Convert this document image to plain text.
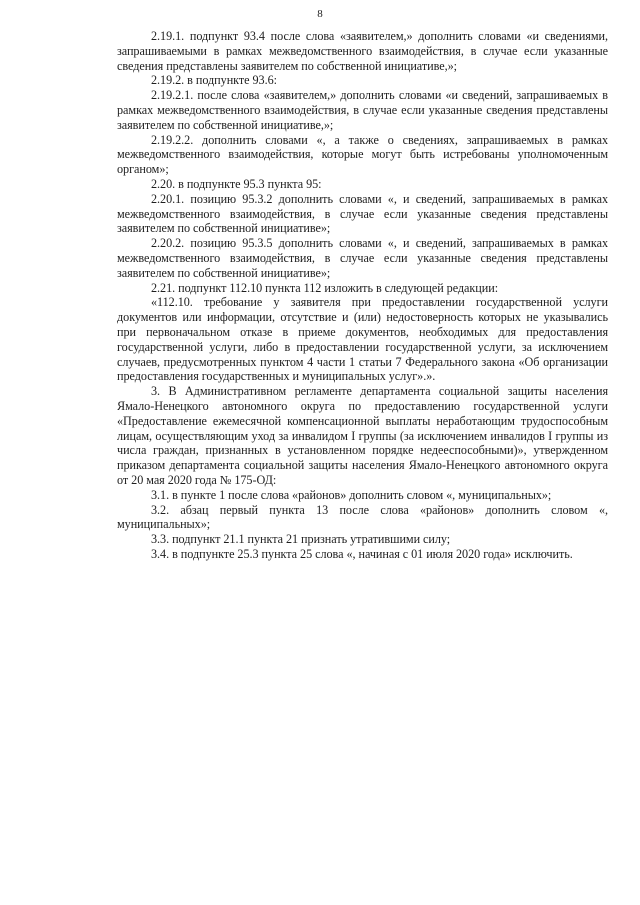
8

2.19.1. подпункт 93.4 после слова «заявителем,» дополнить словами «и сведениями, запрашиваемыми в рамках межведомственного взаимодействия, в случае если указанные сведения представлены заявителем по собственной инициативе,»;

2.19.2. в подпункте 93.6:

2.19.2.1. после слова «заявителем,» дополнить словами «и сведений, запрашиваемых в рамках межведомственного взаимодействия, в случае если указанные сведения представлены заявителем по собственной инициативе,»;

2.19.2.2. дополнить словами «, а также о сведениях, запрашиваемых в рамках межведомственного взаимодействия, которые могут быть истребованы уполномоченным органом»;

2.20. в подпункте 95.3 пункта 95:

2.20.1. позицию 95.3.2 дополнить словами «, и сведений, запрашиваемых в рамках межведомственного взаимодействия, в случае если указанные сведения представлены заявителем по собственной инициативе»;

2.20.2. позицию 95.3.5 дополнить словами «, и сведений, запрашиваемых в рамках межведомственного взаимодействия, в случае если указанные сведения представлены заявителем по собственной инициативе»;

2.21. подпункт 112.10 пункта 112 изложить в следующей редакции:

«112.10. требование у заявителя при предоставлении государственной услуги документов или информации, отсутствие и (или) недостоверность которых не указывались при первоначальном отказе в приеме документов, необходимых для предоставления государственной услуги, либо в предоставлении государственной услуги, за исключением случаев, предусмотренных пунктом 4 части 1 статьи 7 Федерального закона «Об организации предоставления государственных и муниципальных услуг».».

3. В Административном регламенте департамента социальной защиты населения Ямало-Ненецкого автономного округа по предоставлению государственной услуги «Предоставление ежемесячной компенсационной выплаты неработающим трудоспособным лицам, осуществляющим уход за инвалидом I группы (за исключением инвалидов I группы из числа граждан, признанных в установленном порядке недееспособными)», утвержденном приказом департамента социальной защиты населения Ямало-Ненецкого автономного округа от 20 мая 2020 года № 175-ОД:

3.1. в пункте 1 после слова «районов» дополнить словом «, муниципальных»;

3.2. абзац первый пункта 13 после слова «районов» дополнить словом «, муниципальных»;

3.3. подпункт 21.1 пункта 21 признать утратившими силу;

3.4. в подпункте 25.3 пункта 25 слова «, начиная с 01 июля 2020 года» исключить.
